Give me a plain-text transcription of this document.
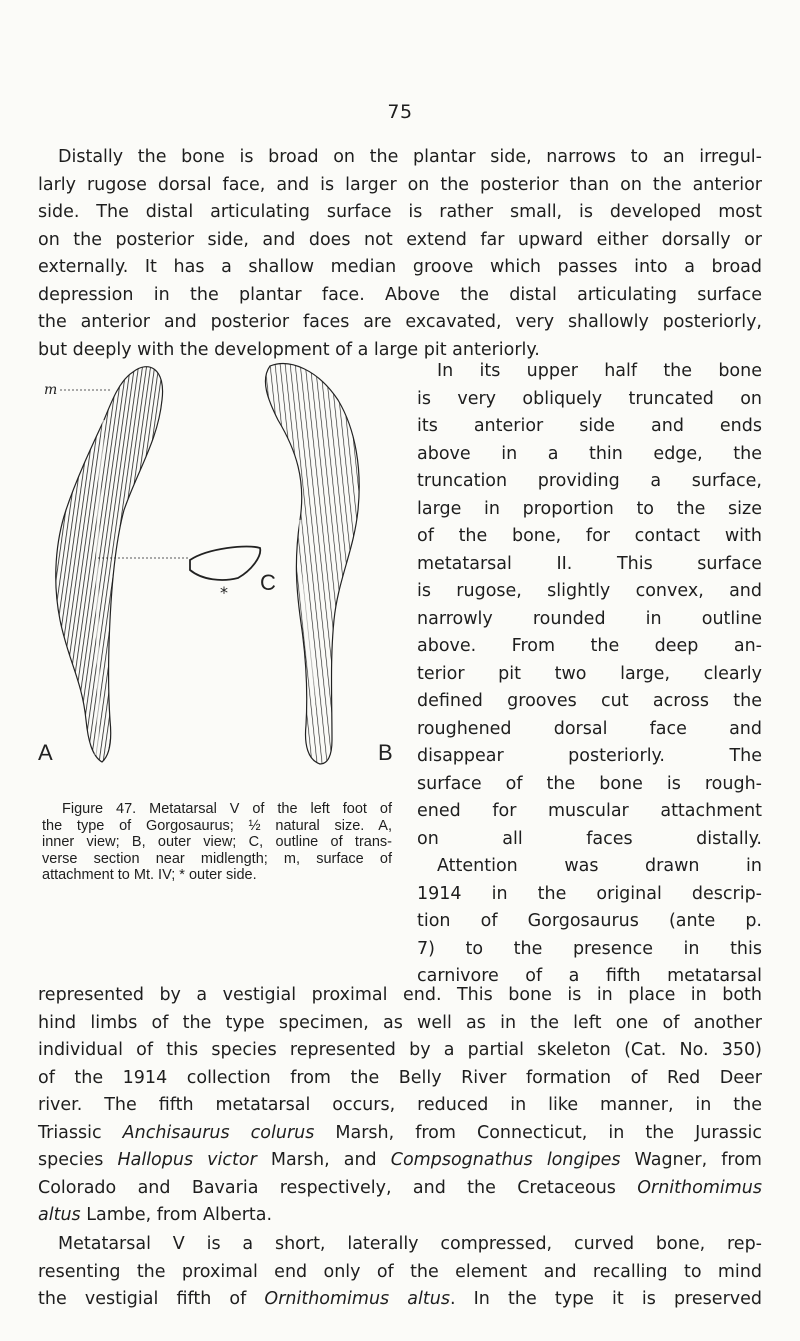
75
Distally the bone is broad on the plantar side, narrows to an irregul-
larly rugose dorsal face, and is larger on the posterior than on the anterior
side. The distal articulating surface is rather small, is developed most
on the posterior side, and does not extend far upward either dorsally or
externally. It has a shallow median groove which passes into a broad
depression in the plantar face. Above the distal articulating surface
the anterior and posterior faces are excavated, very shallowly posteriorly,
but deeply with the development of a large pit anteriorly.
In its upper half the bone
is very obliquely truncated on
its anterior side and ends
above in a thin edge, the
truncation providing a surface,
large in proportion to the size
of the bone, for contact with
metatarsal II. This surface
is rugose, slightly convex, and
narrowly rounded in outline
above. From the deep an-
terior pit two large, clearly
defined grooves cut across the
roughened dorsal face and
disappear posteriorly. The
surface of the bone is rough-
ened for muscular attachment
on all faces distally.
Attention was drawn in
1914 in the original descrip-
tion of Gorgosaurus (ante p.
7) to the presence in this
carnivore of a fifth metatarsal
m
* C
A	B
Figure 47. Metatarsal V of the left foot of
the type of Gorgosaurus; ½ natural size. A,
inner view; B, outer view; C, outline of trans-
verse section near midlength; m, surface of
attachment to Mt. IV; * outer side.
represented by a vestigial proximal end. This bone is in place in both
hind limbs of the type specimen, as well as in the left one of another
individual of this species represented by a partial skeleton (Cat. No. 350)
of the 1914 collection from the Belly River formation of Red Deer
river. The fifth metatarsal occurs, reduced in like manner, in the
Triassic Anchisaurus colurus Marsh, from Connecticut, in the Jurassic
species Hallopus victor Marsh, and Compsognathus longipes Wagner, from
Colorado and Bavaria respectively, and the Cretaceous Ornithomimus
altus Lambe, from Alberta.
Metatarsal V is a short, laterally compressed, curved bone, rep-
resenting the proximal end only of the element and recalling to mind
the vestigial fifth of Ornithomimus altus. In the type it is preserved
